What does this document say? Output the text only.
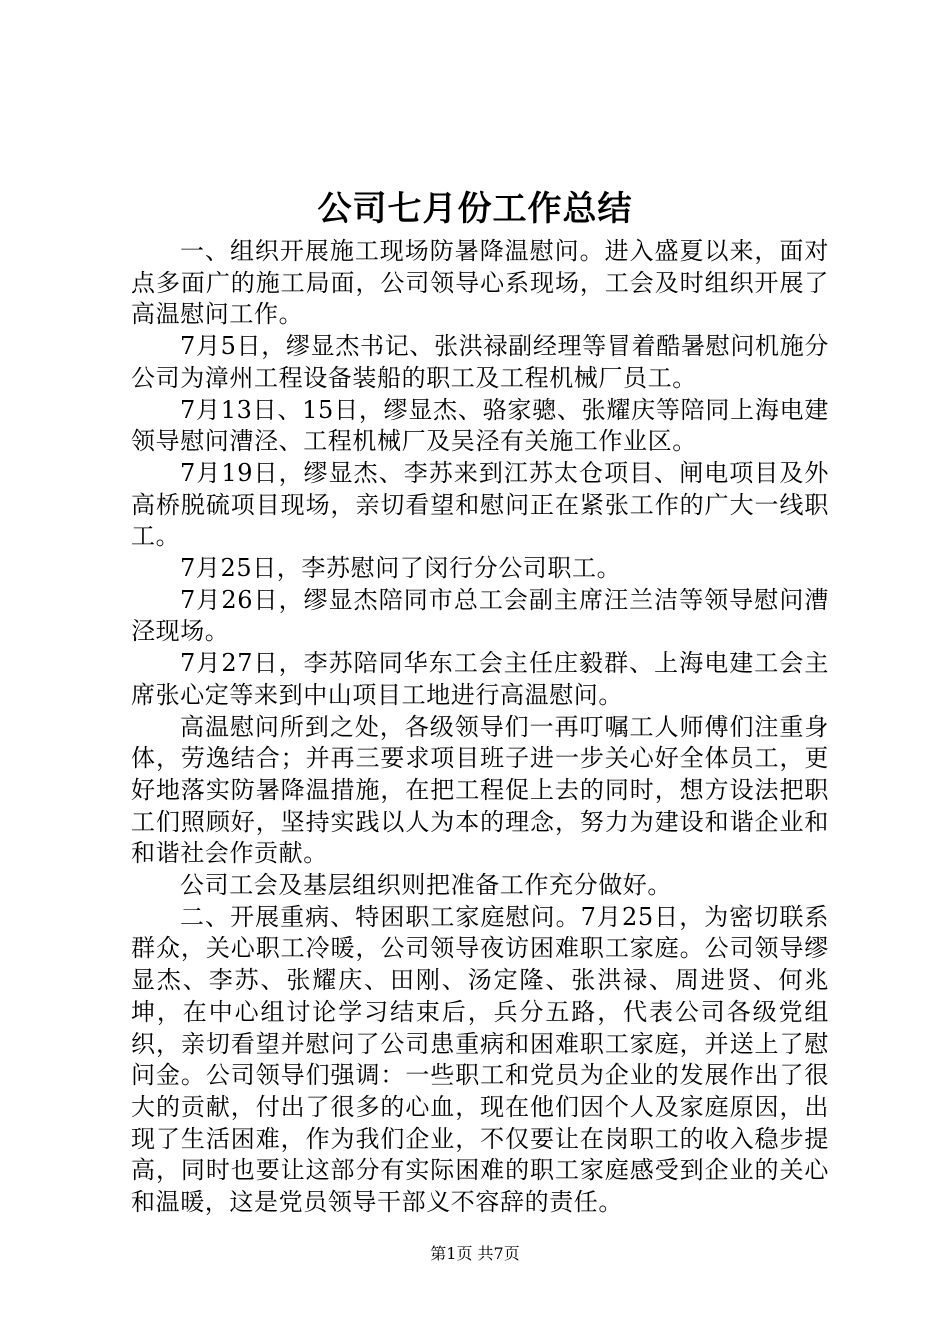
公司七月份工作总结

一、组织开展施工现场防暑降温慰问。进入盛夏以来，面对点多面广的施工局面，公司领导心系现场，工会及时组织开展了高温慰问工作。

7月5日，缪显杰书记、张洪禄副经理等冒着酷暑慰问机施分公司为漳州工程设备装船的职工及工程机械厂员工。

7月13日、15日，缪显杰、骆家骢、张耀庆等陪同上海电建领导慰问漕泾、工程机械厂及吴泾有关施工作业区。

7月19日，缪显杰、李苏来到江苏太仓项目、闸电项目及外高桥脱硫项目现场，亲切看望和慰问正在紧张工作的广大一线职工。

7月25日，李苏慰问了闵行分公司职工。

7月26日，缪显杰陪同市总工会副主席汪兰洁等领导慰问漕泾现场。

7月27日，李苏陪同华东工会主任庄毅群、上海电建工会主席张心定等来到中山项目工地进行高温慰问。

高温慰问所到之处，各级领导们一再叮嘱工人师傅们注重身体，劳逸结合；并再三要求项目班子进一步关心好全体员工，更好地落实防暑降温措施，在把工程促上去的同时，想方设法把职工们照顾好，坚持实践以人为本的理念，努力为建设和谐企业和和谐社会作贡献。

公司工会及基层组织则把准备工作充分做好。

二、开展重病、特困职工家庭慰问。7月25日，为密切联系群众，关心职工冷暖，公司领导夜访困难职工家庭。公司领导缪显杰、李苏、张耀庆、田刚、汤定隆、张洪禄、周进贤、何兆坤，在中心组讨论学习结束后，兵分五路，代表公司各级党组织，亲切看望并慰问了公司患重病和困难职工家庭，并送上了慰问金。公司领导们强调：一些职工和党员为企业的发展作出了很大的贡献，付出了很多的心血，现在他们因个人及家庭原因，出现了生活困难，作为我们企业，不仅要让在岗职工的收入稳步提高，同时也要让这部分有实际困难的职工家庭感受到企业的关心和温暖，这是党员领导干部义不容辞的责任。

第1页 共7页
